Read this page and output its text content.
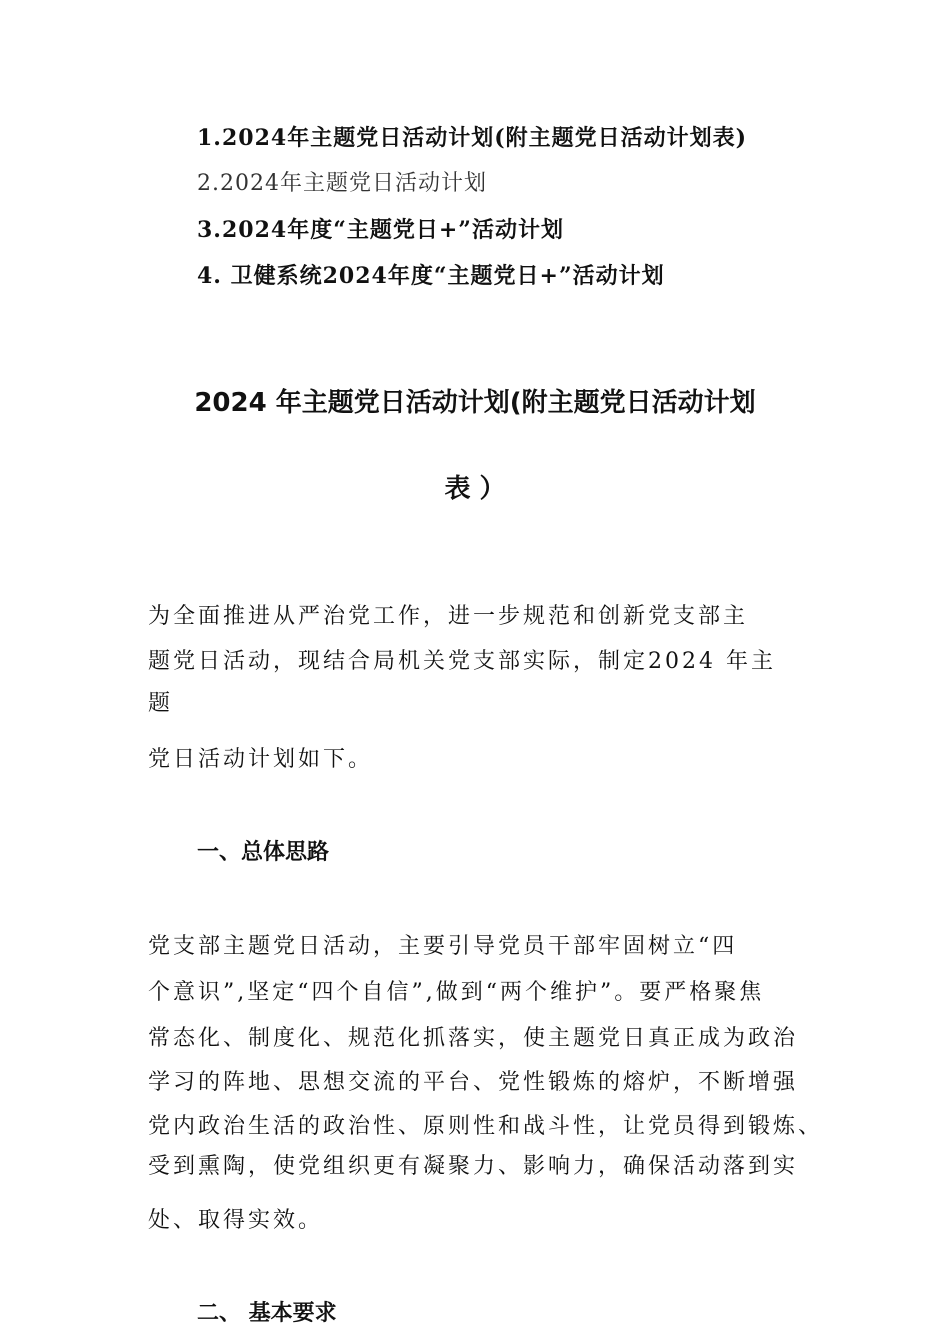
1.2024年主题党日活动计划(附主题党日活动计划表)
2.2024年主题党日活动计划
3.2024年度“主题党日+”活动计划
4. 卫健系统2024年度“主题党日+”活动计划
2024 年主题党日活动计划(附主题党日活动计划
表 ）
为全面推进从严治党工作，进一步规范和创新党支部主
题党日活动，现结合局机关党支部实际，制定2024 年主
题
党日活动计划如下。
一、总体思路
党支部主题党日活动，主要引导党员干部牢固树立“四
个意识”,坚定“四个自信”,做到“两个维护”。要严格聚焦
常态化、制度化、规范化抓落实，使主题党日真正成为政治
学习的阵地、思想交流的平台、党性锻炼的熔炉，不断增强
党内政治生活的政治性、原则性和战斗性，让党员得到锻炼、
受到熏陶，使党组织更有凝聚力、影响力，确保活动落到实
处、取得实效。
二、 基本要求
